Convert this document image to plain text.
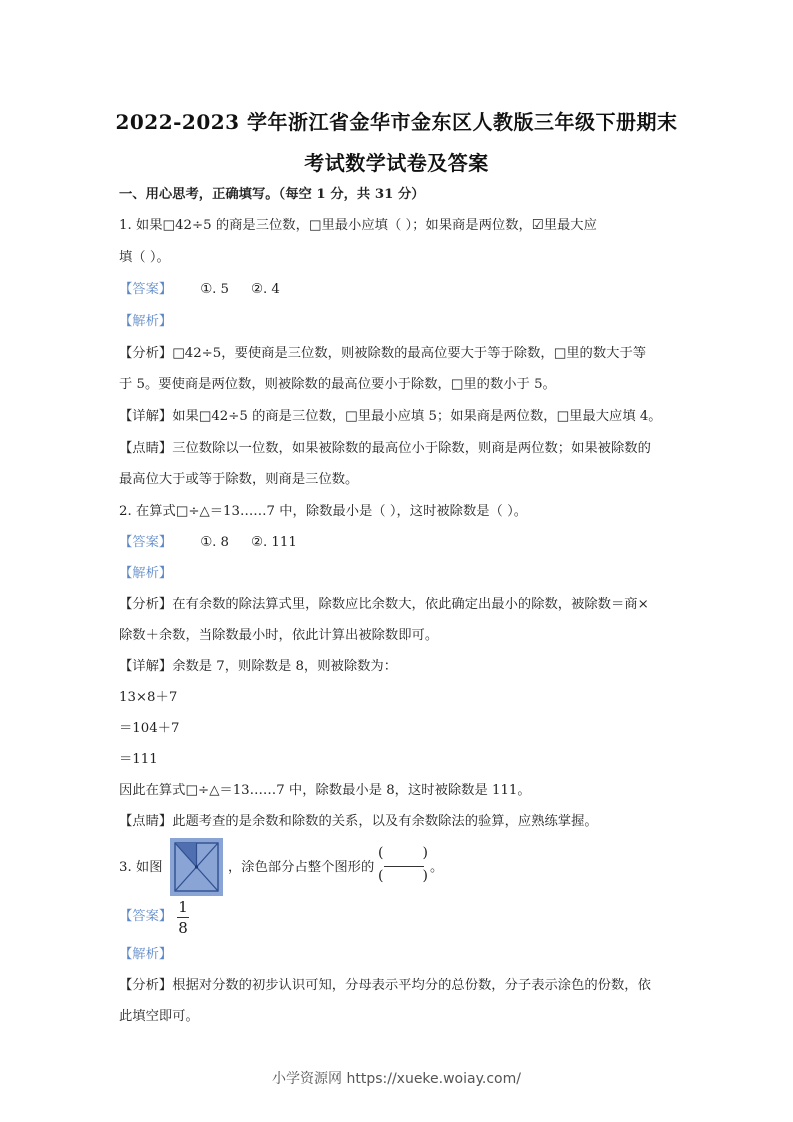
2022-2023 学年浙江省金华市金东区人教版三年级下册期末
考试数学试卷及答案
一、用心思考，正确填写。（每空 1 分，共 31 分）
1. 如果□42÷5 的商是三位数，□里最小应填（ ）；如果商是两位数，☑里最大应
填（ ）。
【答案】 ①. 5 ②. 4
【解析】
【分析】□42÷5，要使商是三位数，则被除数的最高位要大于等于除数，□里的数大于等
于 5。要使商是两位数，则被除数的最高位要小于除数，□里的数小于 5。
【详解】如果□42÷5 的商是三位数，□里最小应填 5；如果商是两位数，□里最大应填 4。
【点睛】三位数除以一位数，如果被除数的最高位小于除数，则商是两位数；如果被除数的
最高位大于或等于除数，则商是三位数。
2. 在算式□÷△＝13……7 中，除数最小是（ ），这时被除数是（ ）。
【答案】 ①. 8 ②. 111
【解析】
【分析】在有余数的除法算式里，除数应比余数大，依此确定出最小的除数，被除数＝商×
除数＋余数，当除数最小时，依此计算出被除数即可。
【详解】余数是 7，则除数是 8，则被除数为：
13×8＋7
＝104＋7
＝111
因此在算式□÷△＝13……7 中，除数最小是 8，这时被除数是 111。
【点睛】此题考查的是余数和除数的关系，以及有余数除法的验算，应熟练掌握。
3. 如图	，涂色部分占整个图形的
(	)
(	)
。
【答案】
1
8
【解析】
【分析】根据对分数的初步认识可知，分母表示平均分的总份数，分子表示涂色的份数，依
此填空即可。
小学资源网 https://xueke.woiay.com/
